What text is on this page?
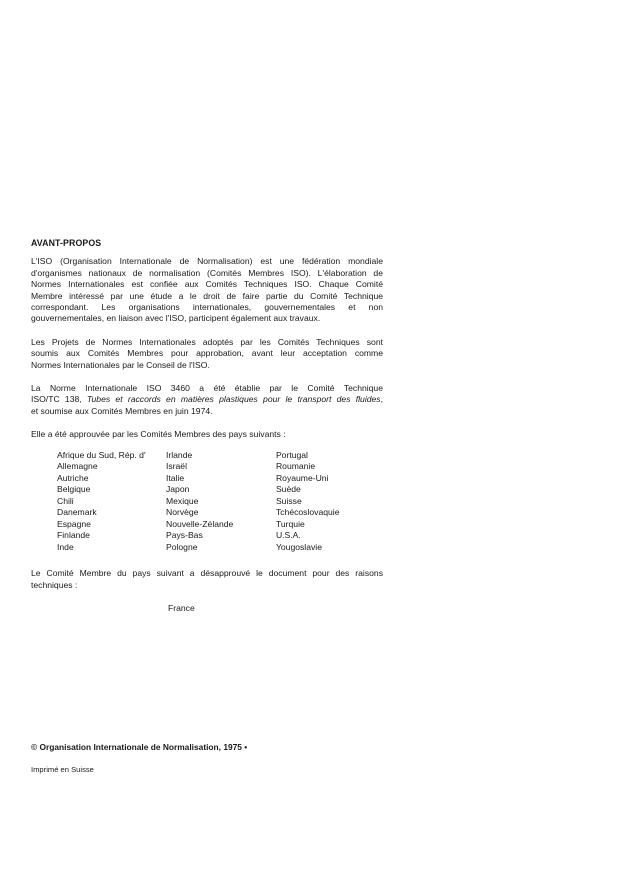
AVANT-PROPOS
L'ISO (Organisation Internationale de Normalisation) est une fédération mondiale
d'organismes nationaux de normalisation (Comités Membres ISO). L'élaboration de
Normes Internationales est confiée aux Comités Techniques ISO. Chaque Comité
Membre intéressé par une étude a le droit de faire partie du Comité Technique
correspondant. Les organisations internationales, gouvernementales et non
gouvernementales, en liaison avec l'ISO, participent également aux travaux.
Les Projets de Normes Internationales adoptés par les Comités Techniques sont
soumis aux Comités Membres pour approbation, avant leur acceptation comme
Normes Internationales par le Conseil de l'ISO.
La Norme Internationale ISO 3460 a été établie par le Comité Technique
ISO/TC 138, Tubes et raccords en matières plastiques pour le transport des fluides,
et soumise aux Comités Membres en juin 1974.
Elle a été approuvée par les Comités Membres des pays suivants :
Afrique du Sud, Rép. d'
Allemagne
Autriche
Belgique
Chili
Danemark
Espagne
Finlande
Inde
Irlande
Israël
Italie
Japon
Mexique
Norvège
Nouvelle-Zélande
Pays-Bas
Pologne
Portugal
Roumanie
Royaume-Uni
Suède
Suisse
Tchécoslovaquie
Turquie
U.S.A.
Yougoslavie
Le Comité Membre du pays suivant a désapprouvé le document pour des raisons
techniques :
France
© Organisation Internationale de Normalisation, 1975 •
Imprimé en Suisse
